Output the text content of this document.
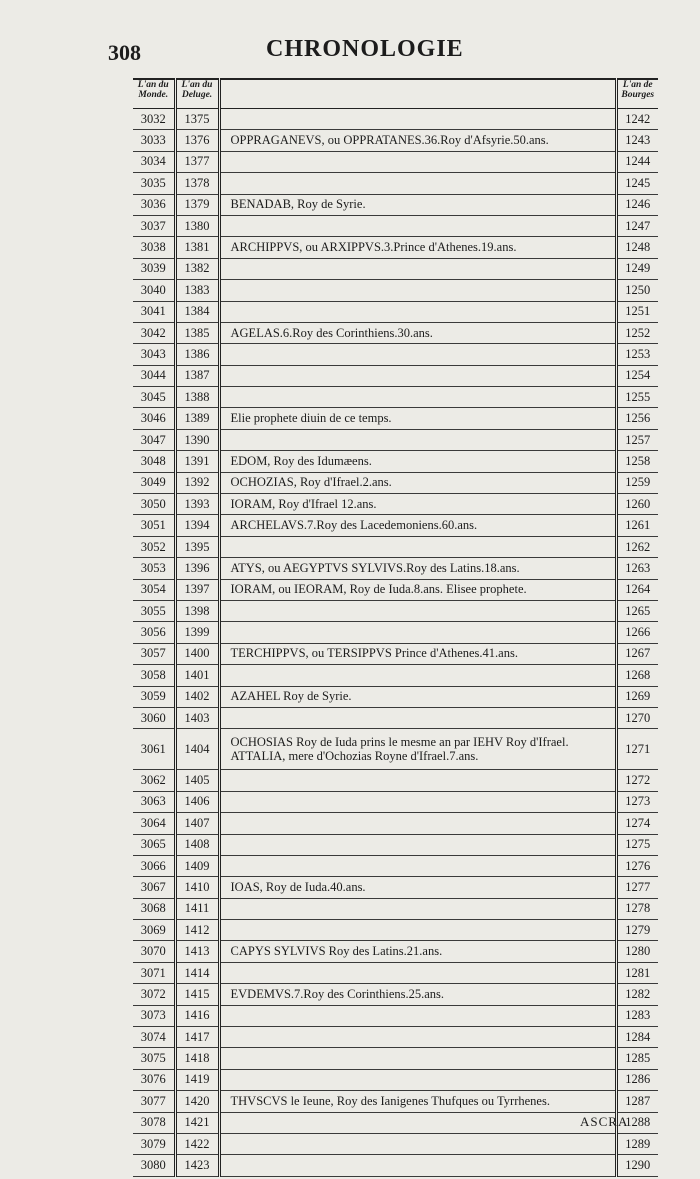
308	CHRONOLOGIE
L'an du Monde.	L'an du Deluge.		L'an de Bourges
3032	1375		1242
3033	1376	OPPRAGANEVS, ou OPPRATANES.36.Roy d'Afsyrie.50.ans.	1243
3034	1377		1244
3035	1378		1245
3036	1379	BENADAB, Roy de Syrie.	1246
3037	1380		1247
3038	1381	ARCHIPPVS, ou ARXIPPVS.3.Prince d'Athenes.19.ans.	1248
3039	1382		1249
3040	1383		1250
3041	1384		1251
3042	1385	AGELAS.6.Roy des Corinthiens.30.ans.	1252
3043	1386		1253
3044	1387		1254
3045	1388		1255
3046	1389	Elie prophete diuin de ce temps.	1256
3047	1390		1257
3048	1391	EDOM, Roy des Idumæens.	1258
3049	1392	OCHOZIAS, Roy d'Ifrael.2.ans.	1259
3050	1393	IORAM, Roy d'Ifrael 12.ans.	1260
3051	1394	ARCHELAVS.7.Roy des Lacedemoniens.60.ans.	1261
3052	1395		1262
3053	1396	ATYS, ou AEGYPTVS SYLVIVS.Roy des Latins.18.ans.	1263
3054	1397	IORAM, ou IEORAM, Roy de Iuda.8.ans. Elisee prophete.	1264
3055	1398		1265
3056	1399		1266
3057	1400	TERCHIPPVS, ou TERSIPPVS Prince d'Athenes.41.ans.	1267
3058	1401		1268
3059	1402	AZAHEL Roy de Syrie.	1269
3060	1403		1270
3061	1404	OCHOSIAS Roy de Iuda prins le mesme an par IEHV Roy d'Ifrael.
ATTALIA, mere d'Ochozias Royne d'Ifrael.7.ans.	1271
3062	1405		1272
3063	1406		1273
3064	1407		1274
3065	1408		1275
3066	1409		1276
3067	1410	IOAS, Roy de Iuda.40.ans.	1277
3068	1411		1278
3069	1412		1279
3070	1413	CAPYS SYLVIVS Roy des Latins.21.ans.	1280
3071	1414		1281
3072	1415	EVDEMVS.7.Roy des Corinthiens.25.ans.	1282
3073	1416		1283
3074	1417		1284
3075	1418		1285
3076	1419		1286
3077	1420	THVSCVS le Ieune, Roy des Ianigenes Thufques ou Tyrrhenes.	1287
3078	1421		1288
3079	1422		1289
3080	1423		1290
ASCRA
